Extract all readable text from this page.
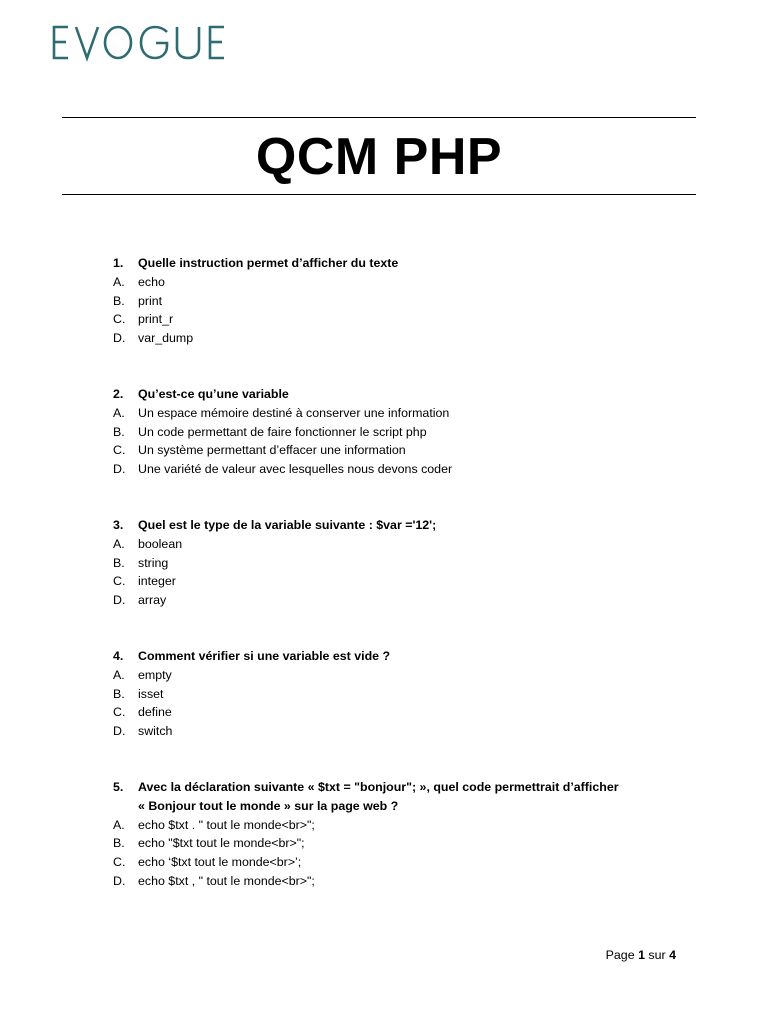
QCM PHP
1. Quelle instruction permet d’afficher du texte
A. echo
B. print
C. print_r
D. var_dump
2. Qu’est-ce qu’une variable
A. Un espace mémoire destiné à conserver une information
B. Un code permettant de faire fonctionner le script php
C. Un système permettant d’effacer une information
D. Une variété de valeur avec lesquelles nous devons coder
3. Quel est le type de la variable suivante : $var ='12';
A. boolean
B. string
C. integer
D. array
4. Comment vérifier si une variable est vide ?
A. empty
B. isset
C. define
D. switch
5. Avec la déclaration suivante « $txt = "bonjour"; », quel code permettrait d’afficher
« Bonjour tout le monde » sur la page web ?
A. echo $txt . " tout le monde<br>";
B. echo "$txt tout le monde<br>";
C. echo ‘$txt tout le monde<br>’;
D. echo $txt , " tout le monde<br>";
Page 1 sur 4
